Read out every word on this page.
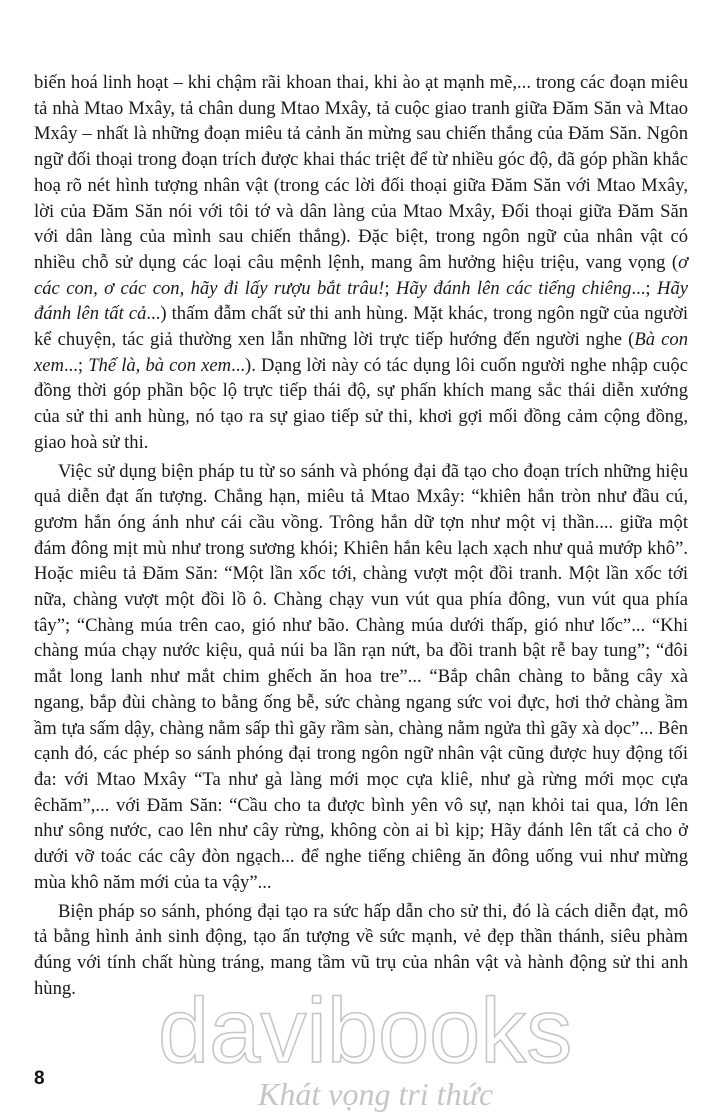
biến hoá linh hoạt – khi chậm rãi khoan thai, khi ào ạt mạnh mẽ,... trong các đoạn miêu tả nhà Mtao Mxây, tả chân dung Mtao Mxây, tả cuộc giao tranh giữa Đăm Săn và Mtao Mxây – nhất là những đoạn miêu tả cảnh ăn mừng sau chiến thắng của Đăm Săn. Ngôn ngữ đối thoại trong đoạn trích được khai thác triệt để từ nhiều góc độ, đã góp phần khắc hoạ rõ nét hình tượng nhân vật (trong các lời đối thoại giữa Đăm Săn với Mtao Mxây, lời của Đăm Săn nói với tôi tớ và dân làng của Mtao Mxây, Đối thoại giữa Đăm Săn với dân làng của mình sau chiến thắng). Đặc biệt, trong ngôn ngữ của nhân vật có nhiều chỗ sử dụng các loại câu mệnh lệnh, mang âm hưởng hiệu triệu, vang vọng (ơ các con, ơ các con, hãy đi lấy rượu bắt trâu!; Hãy đánh lên các tiếng chiêng...; Hãy đánh lên tất cả...) thấm đẫm chất sử thi anh hùng. Mặt khác, trong ngôn ngữ của người kể chuyện, tác giả thường xen lẫn những lời trực tiếp hướng đến người nghe (Bà con xem...; Thế là, bà con xem...). Dạng lời này có tác dụng lôi cuốn người nghe nhập cuộc đồng thời góp phần bộc lộ trực tiếp thái độ, sự phấn khích mang sắc thái diễn xướng của sử thi anh hùng, nó tạo ra sự giao tiếp sử thi, khơi gợi mối đồng cảm cộng đồng, giao hoà sử thi.

Việc sử dụng biện pháp tu từ so sánh và phóng đại đã tạo cho đoạn trích những hiệu quả diễn đạt ấn tượng. Chẳng hạn, miêu tả Mtao Mxây: “khiên hắn tròn như đầu cú, gươm hắn óng ánh như cái cầu vồng. Trông hắn dữ tợn như một vị thần.... giữa một đám đông mịt mù như trong sương khói; Khiên hắn kêu lạch xạch như quả mướp khô”. Hoặc miêu tả Đăm Săn: “Một lần xốc tới, chàng vượt một đồi tranh. Một lần xốc tới nữa, chàng vượt một đồi lồ ô. Chàng chạy vun vút qua phía đông, vun vút qua phía tây”; “Chàng múa trên cao, gió như bão. Chàng múa dưới thấp, gió như lốc”... “Khi chàng múa chạy nước kiệu, quả núi ba lần rạn nứt, ba đồi tranh bật rễ bay tung”; “đôi mắt long lanh như mắt chim ghếch ăn hoa tre”... “Bắp chân chàng to bằng cây xà ngang, bắp đùi chàng to bằng ống bễ, sức chàng ngang sức voi đực, hơi thở chàng ầm ầm tựa sấm dậy, chàng nằm sấp thì gãy rầm sàn, chàng nằm ngửa thì gãy xà dọc”... Bên cạnh đó, các phép so sánh phóng đại trong ngôn ngữ nhân vật cũng được huy động tối đa: với Mtao Mxây “Ta như gà làng mới mọc cựa kliê, như gà rừng mới mọc cựa êchăm”,... với Đăm Săn: “Cầu cho ta được bình yên vô sự, nạn khỏi tai qua, lớn lên như sông nước, cao lên như cây rừng, không còn ai bì kịp; Hãy đánh lên tất cả cho ở dưới vỡ toác các cây đòn ngạch... để nghe tiếng chiêng ăn đông uống vui như mừng mùa khô năm mới của ta vậy”...

Biện pháp so sánh, phóng đại tạo ra sức hấp dẫn cho sử thi, đó là cách diễn đạt, mô tả bằng hình ảnh sinh động, tạo ấn tượng về sức mạnh, vẻ đẹp thần thánh, siêu phàm đúng với tính chất hùng tráng, mang tầm vũ trụ của nhân vật và hành động sử thi anh hùng.

8 davibooks
Khát vọng tri thức
